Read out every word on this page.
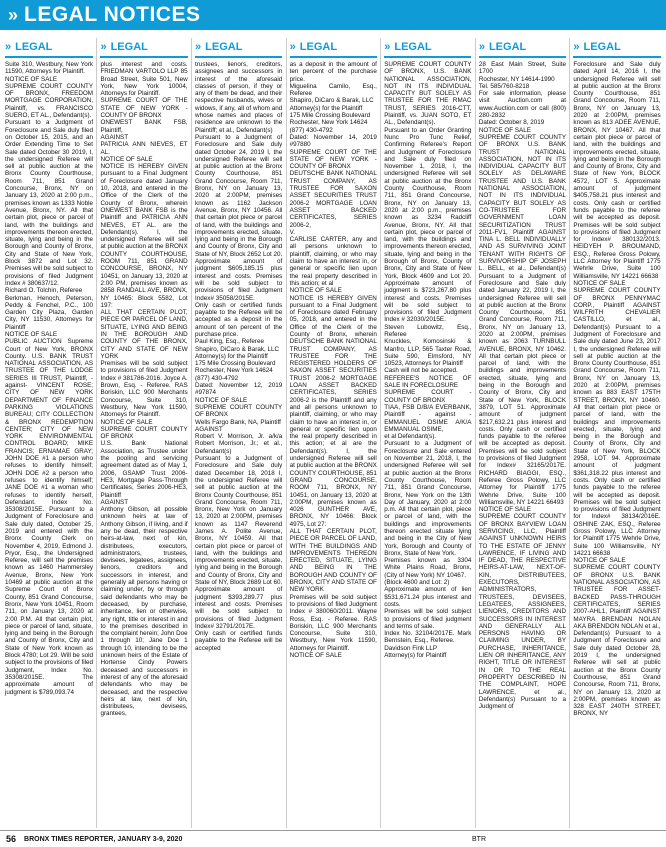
» LEGAL NOTICES
» LEGAL
Suite 310, Westbury, New York 11590, Attorneys for Plaintiff.
NOTICE OF SALE
SUPREME COURT COUNTY OF BRONX, FREEDOM MORTGAGE CORPORATION, Plaintiff, vs. FRANCISCO SUERO, ET AL., Defendant(s).
Pursuant to a Judgment of Foreclosure and Sale duly filed on October 15, 2015, and an Order Extending Time to Set Sale dated October 30 2019, I, the undersigned Referee will sell at public auction at the Bronx County Courthouse, Room 711, 851 Grand Concourse, Bronx, NY on January 13, 2020 at 2:00 p.m., premises known as 1333 Noble Avenue, Bronx, NY. All that certain plot, piece or parcel of land, with the buildings and improvements thereon erected, situate, lying and being in the Borough and County of Bronx, City and State of New York, Block 3872 and Lot 32. Premises will be sold subject to provisions of filed Judgment Index # 380637/12.
Richard O. Tolchin, Referee
Berkman, Henoch, Peterson, Peddy & Fenchel, P.C., 100 Garden City Plaza, Garden City, NY 11530, Attorneys for Plaintiff
NOTICE OF SALE
PUBLIC AUCTION Supreme Court of New York, BRONX County. U.S. BANK TRUST NATIONAL ASSOCIATION, AS TRUSTEE OF THE LODGE SERIES III TRUST, Plaintiff, -against- VINCENT ROSE; CITY OF NEW YORK DEPARTMENT OF FINANCE PARKING VIOLATIONS BUREAU; CITY COLLECTION & BRONX REDEMPTION CENTER; CITY OF NEW YORK ENVIRONMENTAL CONTROL BOARD; MIKE FRANCIS; ERNAMAE GRAY; JOHN DOE #1 a person who refuses to identify himself; JOHN DOE #2 a person who refuses to identify himself; JANE DOE #1 a woman who refuses to identify herself, Defendant. Index No. 35308/2015E. Pursuant to a Judgment of Foreclosure and Sale duly dated, October 25, 2019 and entered with the Bronx County Clerk on November 4, 2019, Edmond J. Pryor, Esq., the Undersigned Referee, will sell the premises known as 1460 Hammersley Avenue, Bronx, New York 10469 at public auction at the Supreme Court of Bronx County, 851 Grand Concourse, Bronx, New York 10451, Room 711, on January 13, 2020 at 2:00 P.M. All that certain plot, piece or parcel of land, situate, lying and being in the Borough and County of Bronx, City and State of New York known as Block 4780; Lot 29. Will be sold subject to the provisions of filed Judgment, Index No. 35308/2015E. The approximate amount of judgment is $789,093.74
» LEGAL
plus interest and costs. FRIEDMAN VARTOLO LLP 85 Broad Street, Suite 501, New York, New York 10004, Attorneys for Plaintiff.
SUPREME COURT OF THE STATE OF NEW YORK - COUNTY OF BRONX
ONEWEST BANK FSB, Plaintiff,
AGAINST
PATRICIA ANN NIEVES, ET AL.
NOTICE OF SALE
NOTICE IS HEREBY GIVEN pursuant to a Final Judgment of Foreclosure dated January 10, 2018, and entered in the Office of the Clerk of the County of Bronx, wherein ONEWEST BANK FSB is the Plaintiff and PATRICIA ANN NIEVES, ET AL. are the Defendant(s). I, the undersigned Referee will sell at public auction at the BRONX COUNTY COURTHOUSE, ROOM 711, 851 GRAND CONCOURSE, BRONX, NY 10451, on January 13, 2020 at 2:00 PM, premises known as 2858 RANDALL AVE, BRONX, NY 10465: Block 5582, Lot 197:
ALL THAT CERTAIN PLOT, PIECE OR PARCEL OF LAND, SITUATE, LYING AND BEING IN THE BOROUGH AND COUNTY OF THE BRONX, CITY AND STATE OF NEW YORK
Premises will be sold subject to provisions of filed Judgment Index # 381786-2016. Joyce A. Brown, Esq. - Referee. RAS Boriskin, LLC 900 Merchants Concourse, Suite 310, Westbury, New York 11590, Attorneys for Plaintiff.
NOTICE OF SALE
SUPREME COURT COUNTY OF BRONX
U.S. Bank National Association, as Trustee under the pooling and servicing agreement dated as of May 1, 2006, GSAMP Trust 2006-HE3, Mortgage Pass-Through Certificates, Series 2006-HE3, Plaintiff
AGAINST
Anthony Gibson, all possible unknown heirs at law of Anthony Gibson, if living, and if any be dead, their respective heirs-at-law, next of kin, distributees, executors, administrators, trustees, devisees, legatees, assignees, lienors, creditors and successors in interest, and generally all persons having or claiming under, by or through said defendants who may be deceased, by purchase, inheritance, lien or otherwise, any right, title or interest in and to the premises described in the complaint herein; John Doe 1 through 10; Jane Doe 1 through 10, intending to be the unknown heirs of the Estate of Hortense Cindy Powers deceased and successors in interest of any of the aforesaid defendants who may be deceased, and the respective heirs at law, next of kin, distributees, devisees, grantees,
» LEGAL
trustees, lienors, creditors, assignees and successors in interest of the aforesaid classes of person, if they or any of them be dead, and their respective husbands, wives or widows, if any, all of whom and whose names and places of residence are unknown to the Plaintiff; et al., Defendant(s)
Pursuant to a Judgment of Foreclosure and Sale duly dated October 24, 2019 I, the undersigned Referee will sell at public auction at the Bronx County Courthouse, 851 Grand Concourse, Room 711, Bronx, NY on January 13, 2020 at 2:00PM, premises known as 1162 Jackson Avenue, Bronx, NY 10456. All that certain plot piece or parcel of land, with the buildings and improvements erected, situate, lying and being in the Borough and County of Bronx, City and State of NY, Block 2652 Lot 20. Approximate amount of judgment $605,185.15 plus interest and costs. Premises will be sold subject to provisions of filed Judgment Index# 35058/2015E.
Only cash or certified funds payable to the Referee will be accepted as a deposit in the amount of ten percent of the purchase price.
Paul King, Esq., Referee
Shapiro, DiCaro & Barak, LLC
Attorney(s) for the Plaintiff
175 Mile Crossing Boulevard
Rochester, New York 14624
(877) 430-4792
Dated: November 12, 2019 #97874
NOTICE OF SALE
SUPREME COURT COUNTY OF BRONX
Wells Fargo Bank, NA, Plaintiff
AGAINST
Robert V. Morrison, Jr. a/k/a Robert Morrison, Jr.; et al., Defendant(s)
Pursuant to a Judgment of Foreclosure and Sale duly dated December 18, 2018 I, the undersigned Referee will sell at public auction at the Bronx County Courthouse, 851 Grand Concourse, Room 711, Bronx, New York on January 13, 2020 at 2:00PM, premises known as 1147 Reverend James A. Polite Avenue, Bronx, NY 10459. All that certain plot piece or parcel of land, with the buildings and improvements erected, situate, lying and being in the Borough and County of Bronx, City and State of NY, Block 2689 Lot 60. Approximate amount of judgment $393,289.77 plus interest and costs. Premises will be sold subject to provisions of filed Judgment Index# 32791/2017E.
Only cash or certified funds payable to the Referee will be accepted
» LEGAL
as a deposit in the amount of ten percent of the purchase price.
Miguelina Camilo, Esq., Referee
Shapiro, DiCaro & Barak, LLC
Attorney(s) for the Plaintiff
175 Mile Crossing Boulevard
Rochester, New York 14624
(877) 430-4792
Dated: November 14, 2019 #97880
SUPREME COURT OF THE STATE OF NEW YORK - COUNTY OF BRONX
DEUTSCHE BANK NATIONAL TRUST COMPANY, AS TRUSTEE FOR SAXON ASSET SECURITIES TRUST 2006-2 MORTGAGE LOAN ASSET BACKED CERTIFICATES, SERIES 2006-2,
V.
CARLISE CARTER, any and all persons unknown to plaintiff, claiming, or who may claim to have an interest in, or general or specific lien upon the real property described in this action; et al
NOTICE OF SALE
NOTICE IS HEREBY GIVEN pursuant to a Final Judgment of Foreclosure dated February 05, 2018, and entered in the Office of the Clerk of the County of Bronx, wherein DEUTSCHE BANK NATIONAL TRUST COMPANY, AS TRUSTEE FOR THE REGISTERED HOLDERS OF SAXON ASSET SECURITIES TRUST 2006-2 MORTGAGE LOAN ASSET BACKED CERTIFICATES, SERIES 2006-2 is the Plaintiff and any and all persons unknown to plaintiff, claiming, or who may claim to have an interest in, or general or specific lien upon the real property described in this action; et al are the Defendant(s). I, the undersigned Referee will sell at public auction at the BRONX COUNTY COURTHOUSE, 851 GRAND CONCOURSE, ROOM 711, BRONX, NY 10451, on January 13, 2020 at 2:00PM, premises known as 4026 GUNTHER AVE, BRONX, NY 10466: Block 4975, Lot 27:
ALL THAT CERTAIN PLOT, PIECE OR PARCEL OF LAND, WITH THE BUILDINGS AND IMPROVEMENTS THEREON ERECTED, SITUATE, LYING AND BEING IN THE BOROUGH AND COUNTY OF BRONX, CITY AND STATE OF NEW YORK
Premises will be sold subject to provisions of filed Judgment Index # 380060/2011. Wayne Ross, Esq. - Referee. RAS Boriskin, LLC 900 Merchants Concourse, Suite 310, Westbury, New York 11590, Attorneys for Plaintiff.
NOTICE OF SALE
» LEGAL
SUPREME COURT COUNTY OF BRONX, U.S. BANK NATIONAL ASSOCIATION, NOT IN ITS INDIVIDUAL CAPACITY BUT SOLELY AS TRUSTEE FOR THE RMAC TRUST, SERIES 2016-CTT, Plaintiff, vs. JUAN SOTO, ET AL., Defendant(s).
Pursuant to an Order Granting Nunc Pro Tunc Relief, Confirming Referee's Report and Judgment of Foreclosure and Sale duly filed on November 1, 2018, I, the undersigned Referee will sell at public auction at the Bronx County Courthouse, Room 711, 851 Grand Concourse, Bronx, NY on January 13, 2020 at 2:00 p.m., premises known as 3234 Radcliff Avenue, Bronx, NY. All that certain plot, piece or parcel of land, with the buildings and improvements thereon erected, situate, lying and being in the Borough of Bronx, County of Bronx, City and State of New York, Block 4609 and Lot 20. Approximate amount of judgment is $723,267.80 plus interest and costs. Premises will be sold subject to provisions of filed Judgment Index # 32030/2015E.
Steven Lubowitz, Esq., Referee
Knuckles, Komosinski & Manfro, LLP, 565 Taxter Road, Suite 590, Elmsford, NY 10523, Attorneys for Plaintiff
Cash will not be accepted.
REFEREE'S NOTICE OF SALE IN FORECLOSURE
SUPREME COURT - COUNTY OF BRONX
TIAA, FSB D/B/A EVERBANK, Plaintiff - against - EMMANUEL OSIME A/K/A EMMANUAL OSIME,
et al Defendant(s).
Pursuant to a Judgment of Foreclosure and Sale entered on November 21, 2018, I, the undersigned Referee will sell at public auction at the Bronx County Courthouse, Room 711, 851 Grand Concourse, Bronx, New York on the 13th Day of January, 2020 at 2:00 p.m. All that certain plot, piece or parcel of land, with the buildings and improvements thereon erected situate lying and being in the City of New York, Borough and County of Bronx, State of New York.
Premises known as 3304 White Plains Road, Bronx, (City of New York) NY 10467.
(Block 4600 and Lot: 2)
Approximate amount of lien $531,671.24 plus interest and costs.
Premises will be sold subject to provisions of filed judgment and terms of sale.
Index No. 32104/2017E. Mark Bernstein, Esq., Referee.
Davidson Fink LLP
Attorney(s) for Plaintiff
» LEGAL
28 East Main Street, Suite 1700
Rochester, NY 14614-1990
Tel. 585/760-8218
For sale information, please visit Auction.com at www.Auction.com or call (800) 280-2832
Dated: October 8, 2019
NOTICE OF SALE
SUPREME COURT COUNTY OF BRONX U.S. BANK TRUST NATIONAL ASSOCIATION, NOT IN ITS INDIVIDUAL CAPACITY BUT SOLELY AS DELAWARE TRUSTEE AND U.S. BANK NATIONAL ASSOCIATION, NOT IN ITS INDIVIDUAL CAPACITY BUT SOLELY AS CO-TRUSTEE FOR GOVERNMENT LOAN SECURITIZATION TRUST 2011-FV1, Plaintiff AGAINST TINA L. BELL INDIVIDUALLY AND AS SURVIVING JOINT TENANT WITH RIGHTS OF SURVIVORSHIP OF JOSEPH L. BELL, et al., Defendant(s) Pursuant to a Judgment of Foreclosure and Sale duly dated January 22, 2019 I, the undersigned Referee will sell at public auction at the Bronx County Courthouse, 851 Grand Concourse, Room 711, Bronx, NY on January 13, 2020 at 2:00PM, premises known as 2063 TURNBULL AVENUE, BRONX, NY 10462. All that certain plot piece or parcel of land, with the buildings and improvements erected, situate, lying and being in the Borough and County of Bronx, City and State of New York, BLOCK 3879, LOT 51. Approximate amount of judgment $217,632.21 plus interest and costs. Only cash or certified funds payable to the referee will be accepted as deposit. Premises will be sold subject to provisions of filed Judgment for Index# 32165/2017E. RICHARD BIAGGI, ESQ., Referee Gross Polowy, LLC Attorney for Plaintiff 1775 Wehrle Drive, Suite 100 Williamsville, NY 14221 66493
NOTICE OF SALE
SUPREME COURT COUNTY OF BRONX BAYVIEW LOAN SERVICING, LLC, Plaintiff AGAINST UNKNOWN HEIRS TO THE ESTATE OF JENNY LAWRENCE, IF LIVING AND IF DEAD, THE RESPECTIVE HEIRS-AT-LAW, NEXT-OF-KIN, DISTRIBUTEES, EXECUTORS, ADMINISTRATORS, TRUSTEES, DEVISEES, LEGATEES, ASSIGNEES, LIENORS, CREDITORS AND SUCCESSORS IN INTEREST AND GENERALLY ALL PERSONS HAVING OR CLAIMING UNDER, BY PURCHASE, INHERITANCE, LIEN OR INHERITANCE, ANY RIGHT, TITLE OR INTEREST IN OR TO THE REAL PROPERTY DESCRIBED IN THE COMPLAINT, HOPE LAWRENCE, et al., Defendant(s) Pursuant to a Judgment of
» LEGAL
Foreclosure and Sale duly dated April 14, 2016 I, the undersigned Referee will sell at public auction at the Bronx County Courthouse, 851 Grand Concourse, Room 711, Bronx, NY on January 13, 2020 at 2:00PM, premises known as 813 ADEE AVENUE, BRONX, NY 10467. All that certain plot piece or parcel of land, with the buildings and improvements erected, situate, lying and being in the Borough and County of Bronx, City and State of New York, BLOCK 4572, LOT 5. Approximate amount of judgment $405,758.21 plus interest and costs. Only cash or certified funds payable to the referee will be accepted as deposit. Premises will be sold subject to provisions of filed Judgment for Index# 380132/2013. HEIDYEH P. BROUMAND, ESQ., Referee Gross Polowy, LLC Attorney for Plaintiff 1775 Wehrle Drive, Suite 100 Williamsville, NY 14221 66638
NOTICE OF SALE
SUPREME COURT COUNTY OF BRONX PENNYMAC CORP., Plaintiff AGAINST WILFRITH CHEVALIER CASTILLO, et al., Defendant(s) Pursuant to a Judgment of Foreclosure and Sale duly dated June 23, 2017 I, the undersigned Referee will sell at public auction at the Bronx County Courthouse, 851 Grand Concourse, Room 711, Bronx, NY on January 13, 2020 at 2:00PM, premises known as 883 EAST 175TH STREET, BRONX, NY 10460. All that certain plot piece or parcel of land, with the buildings and improvements erected, situate, lying and being in the Borough and County of Bronx, City and State of New York, BLOCK 2958, LOT 94. Approximate amount of judgment $361,318.22 plus interest and costs. Only cash or certified funds payable to the referee will be accepted as deposit. Premises will be sold subject to provisions of filed Judgment for Index# 38134/2016E. OSHINE ZAK, ESQ., Referee Gross Polowy, LLC Attorney for Plaintiff 1775 Wehrle Drive, Suite 100 Williamsville, NY 14221 66638
NOTICE OF SALE
SUPREME COURT COUNTY OF BRONX U.S. BANK NATIONAL ASSOCIATION, AS TRUSTEE FOR ASSET-BACKED PASS-THROUGH CERTIFICATES, SERIES 2007-AHL1, Plaintiff AGAINST MAYRA BRENDAN NOLAN AKA BRENDON NOLAN et al., Defendant(s) Pursuant to a Judgment of Foreclosure and Sale duly dated October 28, 2019 I, the undersigned Referee will sell at public auction at the Bronx County Courthouse, 851 Grand Concourse, Room 711, Bronx, NY on January 13, 2020 at 2:00PM, premises known as 328 EAST 240TH STREET, BRONX, NY
56 BRONX TIMES REPORTER, JANUARY 3-9, 2020	BTR
